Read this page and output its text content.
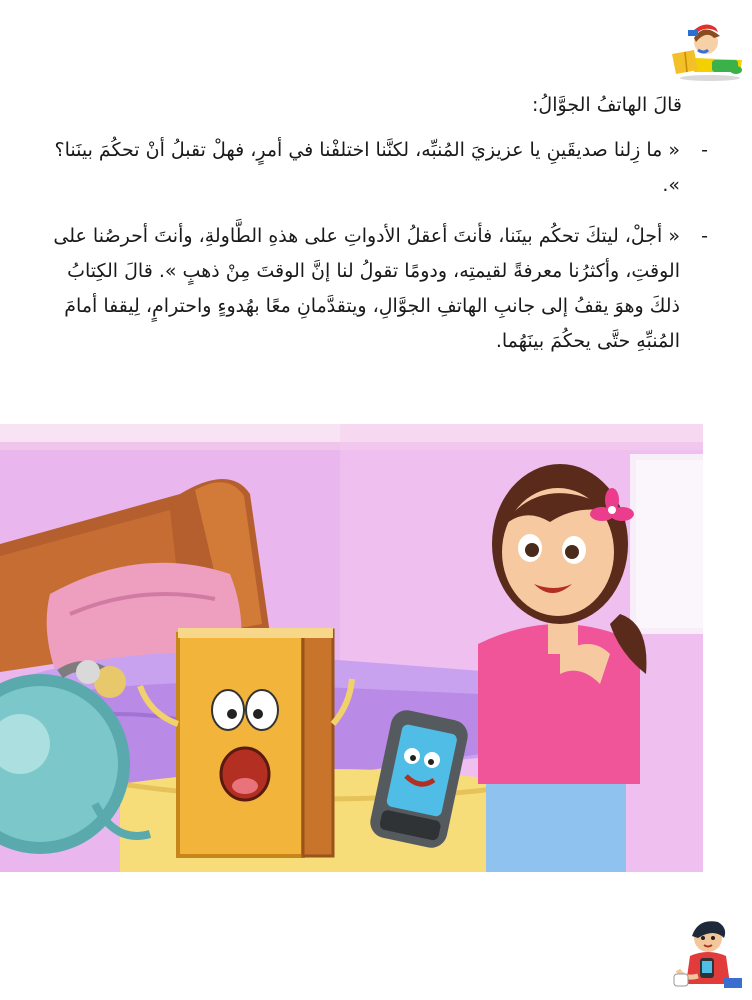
قالَ الهاتفُ الجوَّالُ:

-
« ما زِلنا صديقَينِ يا عزيزيَ المُنبِّه، لكنَّنا اختلفْنا في أمرٍ، فهلْ تقبلُ أنْ تحكُمَ بينَنا؟ ».
-
« أجلْ، ليتكَ تحكُم بينَنا، فأنتَ أعقلُ الأدواتِ على هذهِ الطَّاولةِ، وأنتَ أحرصُنا على الوقتِ، وأكثرُنا معرفةً لقيمتِه، ودومًا تقولُ لنا إنَّ الوقتَ مِنْ ذهبٍ ». قالَ الكِتابُ ذلكَ وهوَ يقفُ إلى جانبِ الهاتفِ الجوَّالِ، ويتقدَّمانِ معًا بهُدوءٍ واحترامٍ، لِيقفا أمامَ المُنبِّهِ حتَّى يحكُمَ بينَهُما.
